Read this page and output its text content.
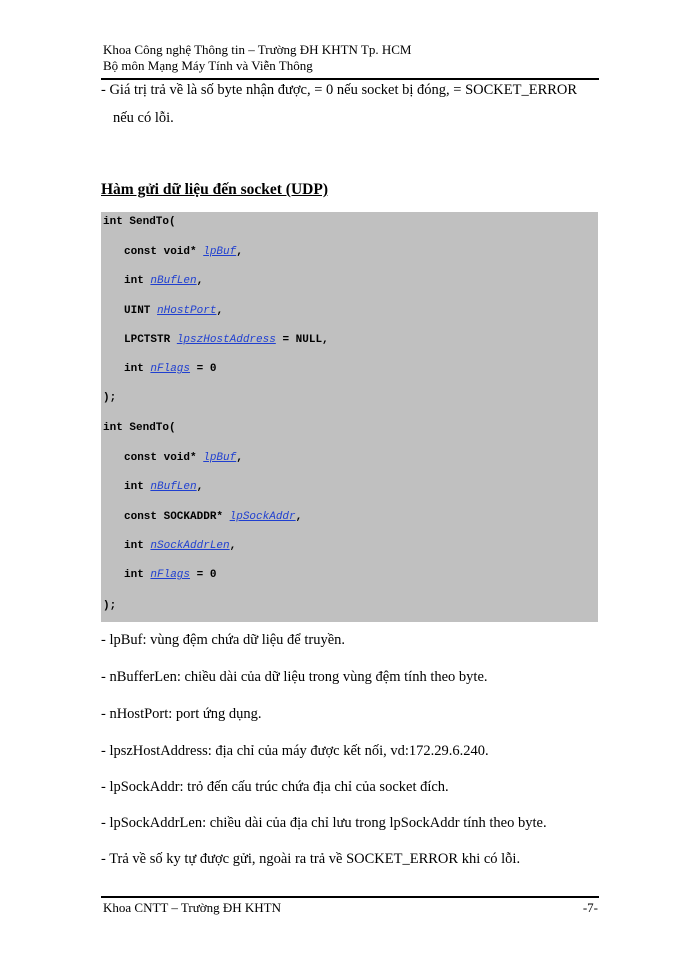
Khoa Công nghệ Thông tin – Trường ĐH KHTN Tp. HCM
Bộ môn Mạng Máy Tính và Viễn Thông
- Giá trị trả về là số byte nhận được, = 0 nếu socket bị đóng, = SOCKET_ERROR
nếu có lỗi.
Hàm gửi dữ liệu đến socket (UDP)
int SendTo(
const void* lpBuf,
int nBufLen,
UINT nHostPort,
LPCTSTR lpszHostAddress = NULL,
int nFlags = 0
);
int SendTo(
const void* lpBuf,
int nBufLen,
const SOCKADDR* lpSockAddr,
int nSockAddrLen,
int nFlags = 0
);
- lpBuf: vùng đệm chứa dữ liệu để truyền.
- nBufferLen: chiều dài của dữ liệu trong vùng đệm tính theo byte.
- nHostPort: port ứng dụng.
- lpszHostAddress: địa chỉ của máy được kết nối, vd:172.29.6.240.
- lpSockAddr: trỏ đến cấu trúc chứa địa chỉ của socket đích.
- lpSockAddrLen: chiều dài của địa chỉ lưu trong lpSockAddr tính theo byte.
- Trả về số ky tự được gửi, ngoài ra trả về SOCKET_ERROR khi có lỗi.
Khoa CNTT – Trường ĐH KHTN	-7-
